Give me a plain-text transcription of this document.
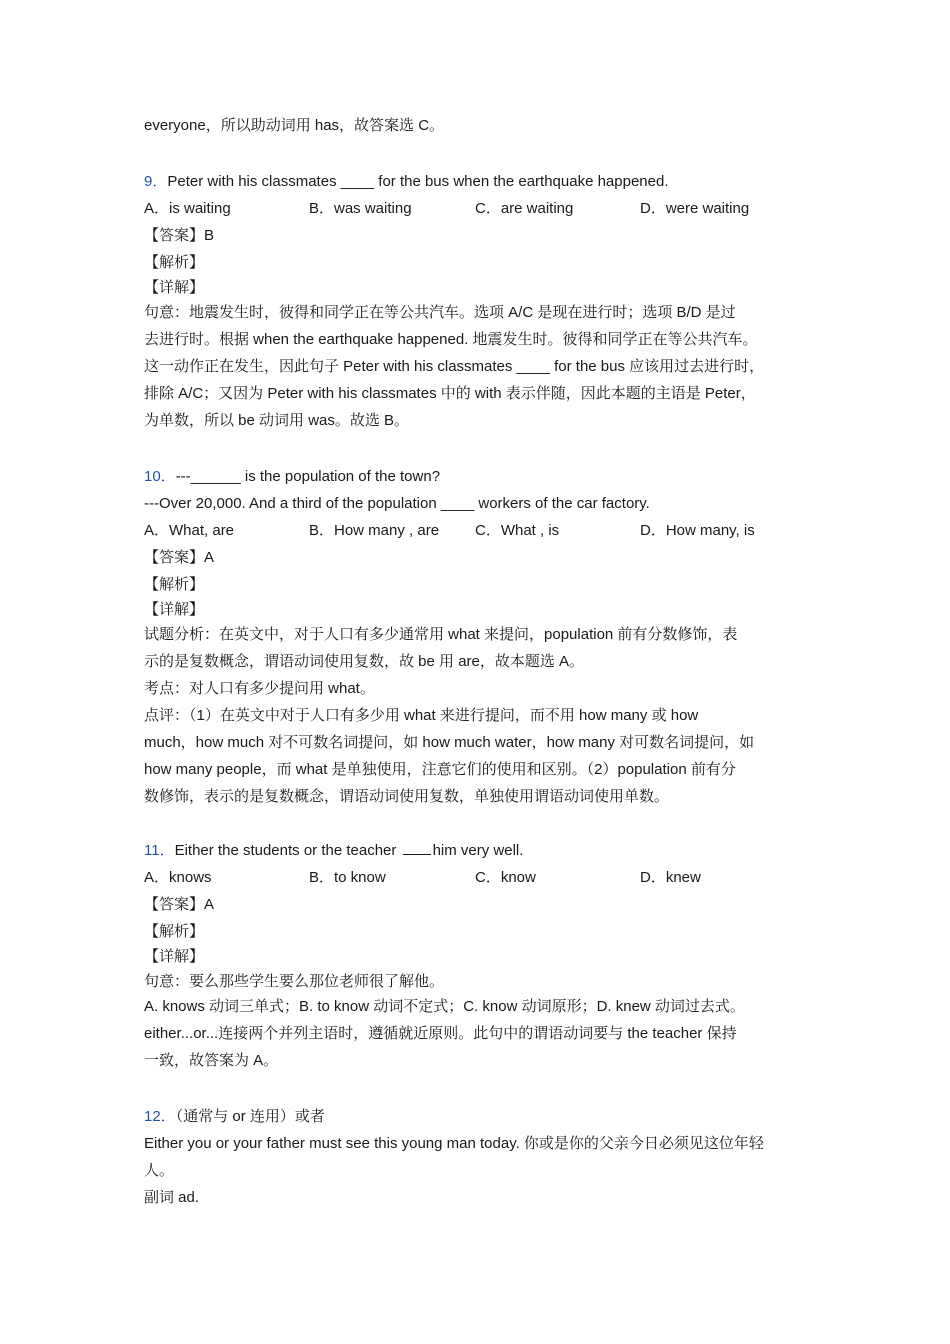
everyone，所以助动词用 has，故答案选 C。
9．Peter with his classmates ____ for the bus when the earthquake happened.
A．is waiting	B．was waiting	C．are waiting	D．were waiting
【答案】B
【解析】
【详解】
句意：地震发生时，彼得和同学正在等公共汽车。选项 A/C 是现在进行时；选项 B/D 是过
去进行时。根据 when the earthquake happened. 地震发生时。彼得和同学正在等公共汽车。
这一动作正在发生，因此句子 Peter with his classmates ____ for the bus 应该用过去进行时，
排除 A/C；又因为 Peter with his classmates 中的 with 表示伴随，因此本题的主语是 Peter，
为单数，所以 be 动词用 was。故选 B。
10．---______ is the population of the town?
---Over 20,000. And a third of the population ____ workers of the car factory.
A．What, are	B．How many , are C．What , is	D．How many, is
【答案】A
【解析】
【详解】
试题分析：在英文中，对于人口有多少通常用 what 来提问，population 前有分数修饰，表
示的是复数概念，谓语动词使用复数，故 be 用 are，故本题选 A。
考点：对人口有多少提问用 what。
点评：（1）在英文中对于人口有多少用 what 来进行提问，而不用 how many 或 how
much，how much 对不可数名词提问，如 how much water，how many 对可数名词提问，如
how many people，而 what 是单独使用，注意它们的使用和区别。（2）population 前有分
数修饰，表示的是复数概念，谓语动词使用复数，单独使用谓语动词使用单数。
11．Either the students or the teacher him very well.
A．knows	B．to know	C．know	D．knew
【答案】A
【解析】
【详解】
句意：要么那些学生要么那位老师很了解他。
A. knows 动词三单式；B. to know 动词不定式；C. know 动词原形；D. knew 动词过去式。
either...or...连接两个并列主语时，遵循就近原则。此句中的谓语动词要与 the teacher 保持
一致，故答案为 A。
12．（通常与 or 连用）或者
Either you or your father must see this young man today. 你或是你的父亲今日必须见这位年轻
人。
副词 ad.
